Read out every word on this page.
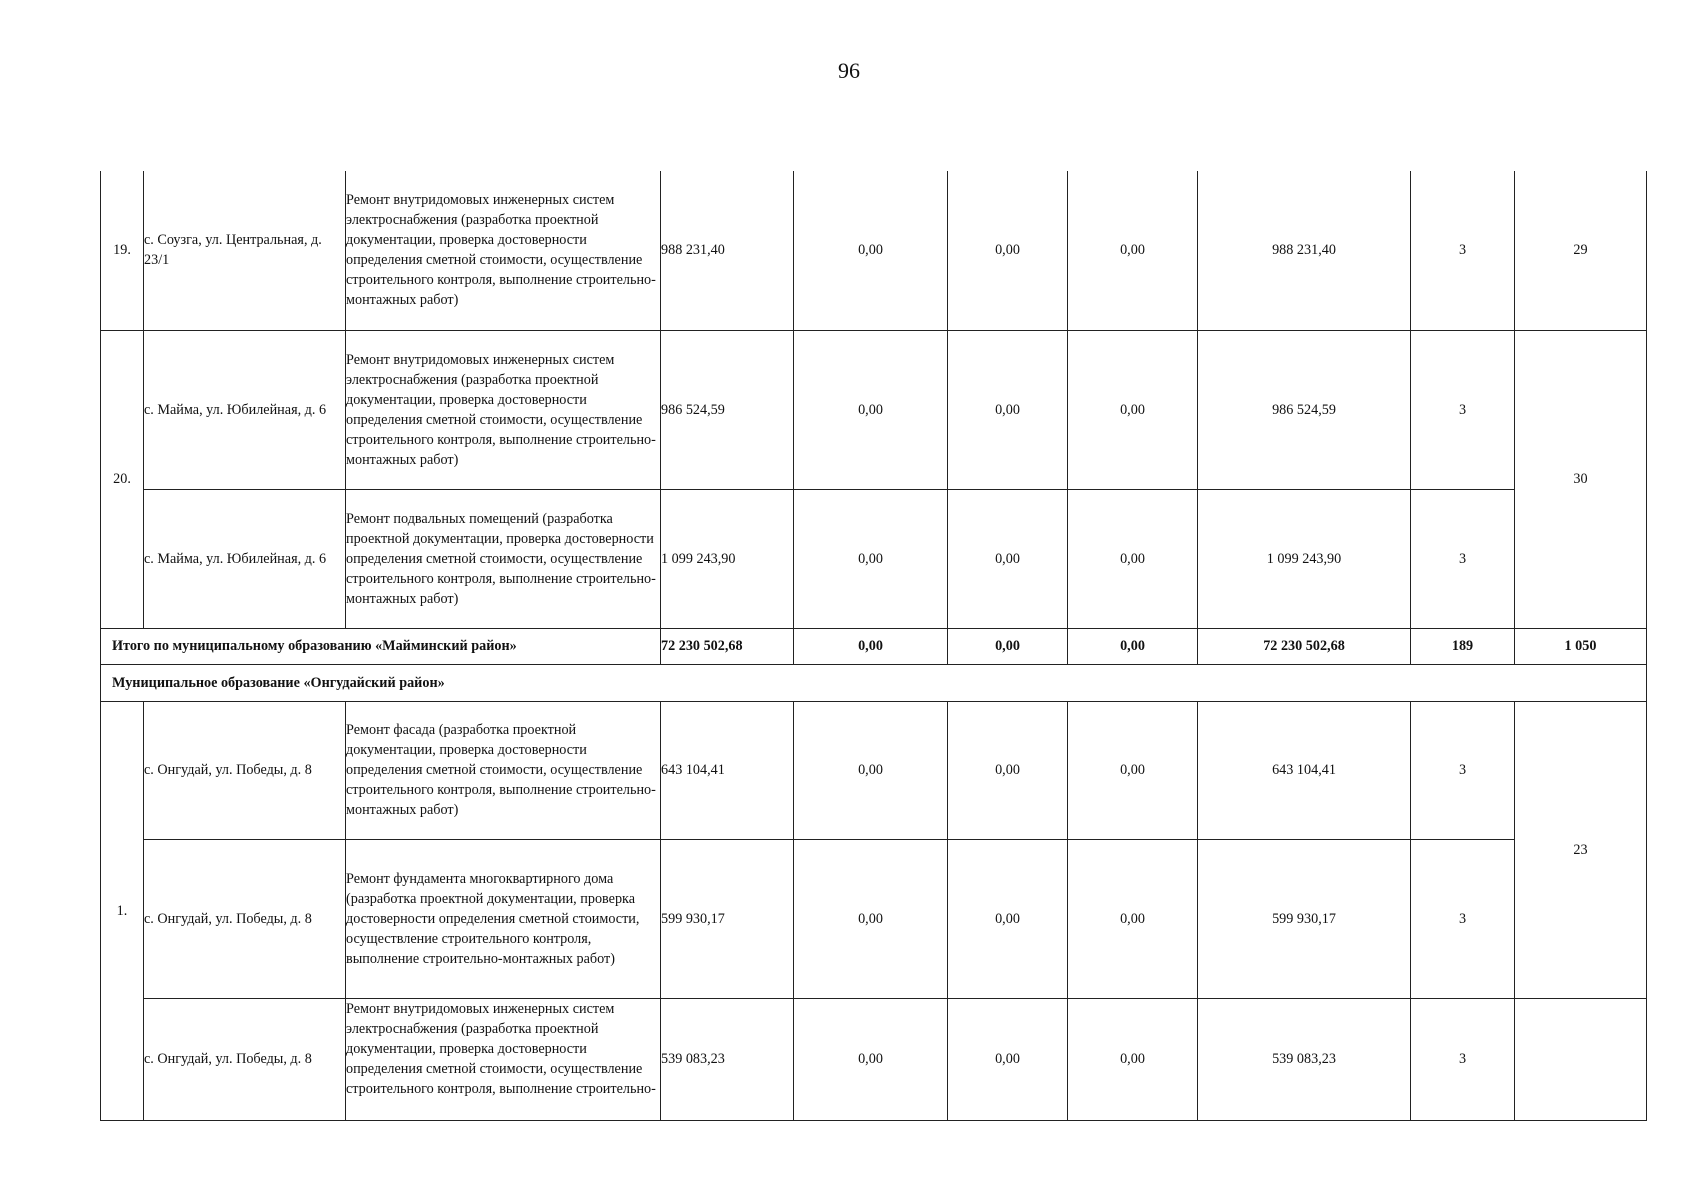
96
19.	с. Соузга, ул. Центральная, д. 23/1	Ремонт внутридомовых инженерных систем электроснабжения (разработка проектной документации, проверка достоверности определения сметной стоимости, осуществление строительного контроля, выполнение строительно-монтажных работ)	988 231,40	0,00	0,00	0,00	988 231,40	3	29
20.	с. Майма, ул. Юбилейная, д. 6	Ремонт внутридомовых инженерных систем электроснабжения (разработка проектной документации, проверка достоверности определения сметной стоимости, осуществление строительного контроля, выполнение строительно-монтажных работ)	986 524,59	0,00	0,00	0,00	986 524,59	3	30
	с. Майма, ул. Юбилейная, д. 6	Ремонт подвальных помещений (разработка проектной документации, проверка достоверности определения сметной стоимости, осуществление строительного контроля, выполнение строительно-монтажных работ)	1 099 243,90	0,00	0,00	0,00	1 099 243,90	3	
Итого по муниципальному образованию «Майминский район»			72 230 502,68	0,00	0,00	0,00	72 230 502,68	189	1 050
Муниципальное образование «Онгудайский район»									
1.	с. Онгудай, ул. Победы, д. 8	Ремонт фасада (разработка проектной документации, проверка достоверности определения сметной стоимости, осуществление строительного контроля, выполнение строительно-монтажных работ)	643 104,41	0,00	0,00	0,00	643 104,41	3	23
	с. Онгудай, ул. Победы, д. 8	Ремонт фундамента многоквартирного дома (разработка проектной документации, проверка достоверности определения сметной стоимости, осуществление строительного контроля, выполнение строительно-монтажных работ)	599 930,17	0,00	0,00	0,00	599 930,17	3	
	с. Онгудай, ул. Победы, д. 8	Ремонт внутридомовых инженерных систем электроснабжения (разработка проектной документации, проверка достоверности определения сметной стоимости, осуществление строительного контроля, выполнение строительно-	539 083,23	0,00	0,00	0,00	539 083,23	3	
